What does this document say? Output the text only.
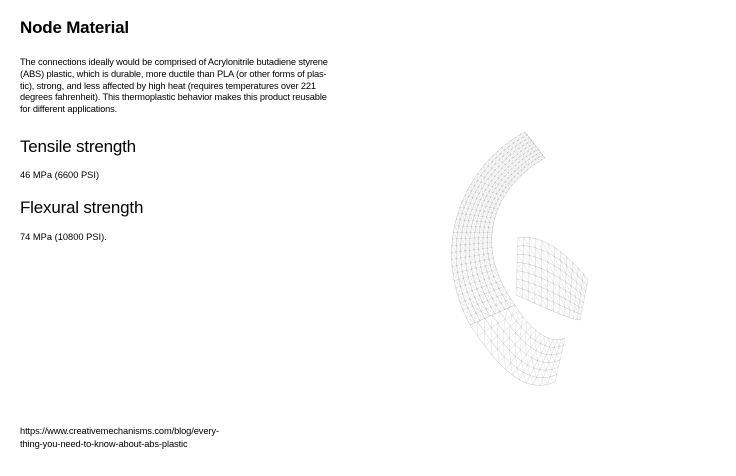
Node Material
The connections ideally would be comprised of Acrylonitrile butadiene styrene
(ABS) plastic, which is durable, more ductile than PLA (or other forms of plas-
tic), strong, and less affected by high heat (requires temperatures over 221
degrees fahrenheit). This thermoplastic behavior makes this product reusable
for different applications.
Tensile strength
46 MPa (6600 PSI)
Flexural strength
74 MPa (10800 PSI).
https://www.creativemechanisms.com/blog/every-
thing-you-need-to-know-about-abs-plastic
